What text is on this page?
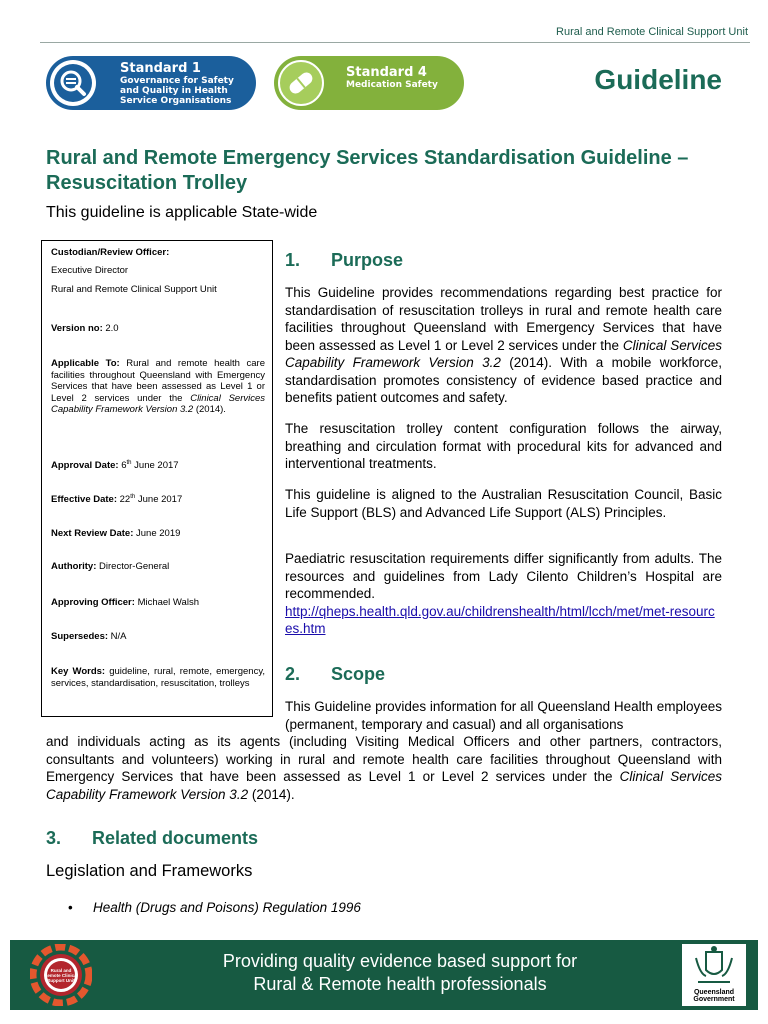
Rural and Remote Clinical Support Unit
Standard 1
Governance for Safety
and Quality in Health
Service Organisations
Standard 4
Medication Safety	Guideline
Rural and Remote Emergency Services Standardisation Guideline – Resuscitation Trolley
This guideline is applicable State-wide
Custodian/Review Officer:
Executive Director
Rural and Remote Clinical Support Unit
Version no: 2.0
Applicable To: Rural and remote health care facilities throughout Queensland with Emergency Services that have been assessed as Level 1 or Level 2 services under the Clinical Services Capability Framework Version 3.2 (2014).
Approval Date: 6th June 2017
Effective Date: 22th June 2017
Next Review Date: June 2019
Authority: Director-General
Approving Officer: Michael Walsh
Supersedes: N/A
Key Words: guideline, rural, remote, emergency, services, standardisation, resuscitation, trolleys
1. Purpose
This Guideline provides recommendations regarding best practice for standardisation of resuscitation trolleys in rural and remote health care facilities throughout Queensland with Emergency Services that have been assessed as Level 1 or Level 2 services under the Clinical Services Capability Framework Version 3.2 (2014). With a mobile workforce, standardisation promotes consistency of evidence based practice and benefits patient outcomes and safety.
The resuscitation trolley content configuration follows the airway, breathing and circulation format with procedural kits for advanced and interventional treatments.
This guideline is aligned to the Australian Resuscitation Council, Basic Life Support (BLS) and Advanced Life Support (ALS) Principles.
Paediatric resuscitation requirements differ significantly from adults. The resources and guidelines from Lady Cilento Children’s Hospital are recommended.
http://qheps.health.qld.gov.au/childrenshealth/html/lcch/met/met-resources.htm
2. Scope
This Guideline provides information for all Queensland Health employees (permanent, temporary and casual) and all organisations
and individuals acting as its agents (including Visiting Medical Officers and other partners, contractors, consultants and volunteers) working in rural and remote health care facilities throughout Queensland with Emergency Services that have been assessed as Level 1 or Level 2 services under the Clinical Services Capability Framework Version 3.2 (2014).
3. Related documents
Legislation and Frameworks
• Health (Drugs and Poisons) Regulation 1996
Rural and
Remote Clinical
Support Unit
Providing quality evidence based support for
Rural & Remote health professionals	Queensland Government
